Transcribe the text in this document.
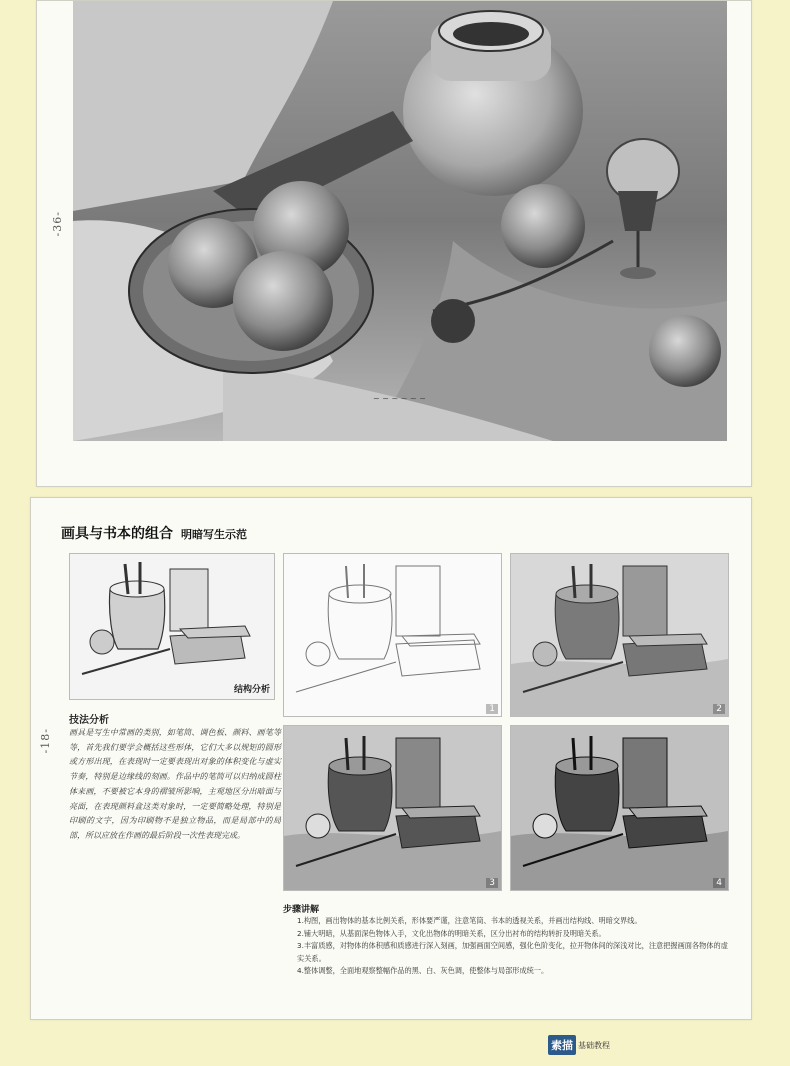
-36-
~ ~ ~ ~ ~ ~
-18-
画具与书本的组合 明暗写生示范
结构分析
1	2
3	4
技法分析
画具是写生中常画的类别，如笔筒、调色板、颜料、画笔等等，首先我们要学会概括这些形体，它们大多以规矩的圆形或方形出现，在表现时一定要表现出对象的体积变化与虚实节奏，特别是边缘线的刻画。作品中的笔筒可以归纳成圆柱体来画，不要被它本身的褶皱所影响，主观地区分出暗面与亮面，在表现颜料盒这类对象时，一定要简略处理，特别是印刷的文字，因为印刷物不是独立物品，而是局部中的局部，所以应放在作画的最后阶段一次性表现完成。
步骤讲解
1.构图，画出物体的基本比例关系，形体要严谨，注意笔筒、书本的透视关系，并画出结构线、明暗交界线。
2.铺大明暗，从基面深色物体入手，文化出物体的明暗关系，区分出衬布的结构转折及明暗关系。
3.丰富质感，对物体的体积感和质感进行深入刻画，加强画面空间感，强化色阶变化，拉开物体间的深浅对比，注意把握画面各物体的虚实关系。
4.整体调整，全面地观察整幅作品的黑、白、灰色调，使整体与局部形成统一。
素描 基础教程
